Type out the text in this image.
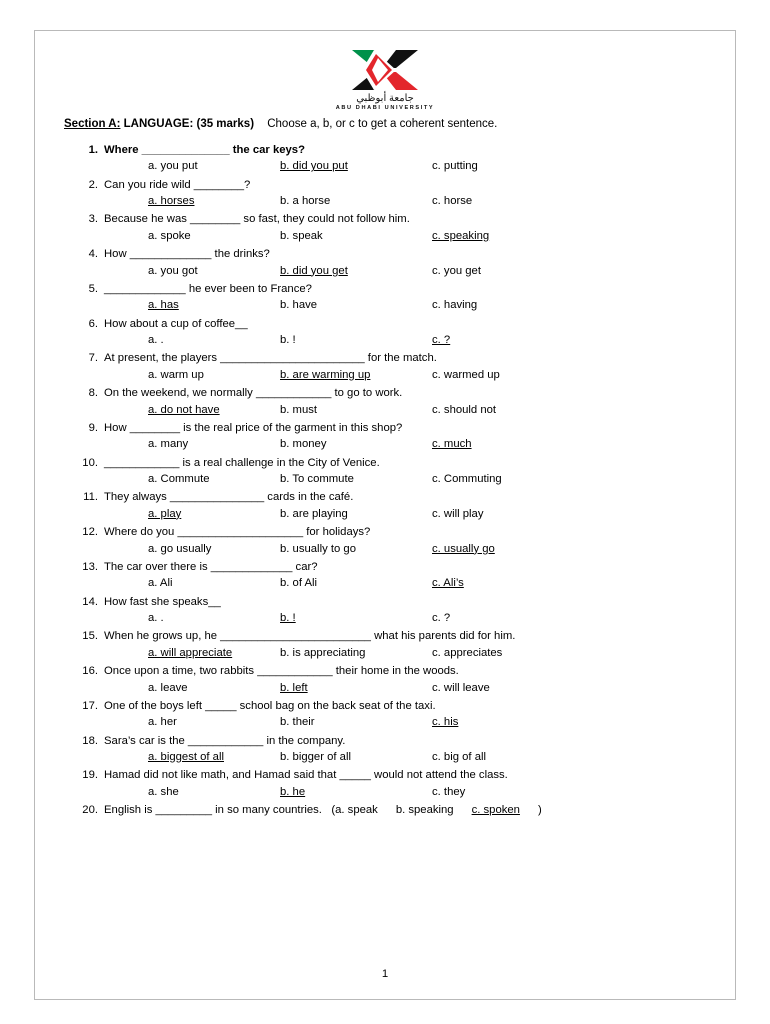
جامعة أبوظبي
ABU DHABI UNIVERSITY
Section A: LANGUAGE: (35 marks) Choose a, b, or c to get a coherent sentence.
1. Where ______________ the car keys?
a. you put	b. did you put	c. putting
2. Can you ride wild ________?
a. horses	b. a horse	c. horse
3. Because he was ________ so fast, they could not follow him.
a. spoke	b. speak	c. speaking
4. How _____________ the drinks?
a. you got	b. did you get	c. you get
5. _____________ he ever been to France?
a. has	b. have	c. having
6. How about a cup of coffee__
a. .	b. !	c. ?
7. At present, the players _______________________ for the match.
a. warm up	b. are warming up	c. warmed up
8. On the weekend, we normally ____________ to go to work.
a. do not have	b. must	c. should not
9. How ________ is the real price of the garment in this shop?
a. many	b. money	c. much
10. ____________ is a real challenge in the City of Venice.
a. Commute	b. To commute	c. Commuting
11. They always _______________ cards in the café.
a. play	b. are playing	c. will play
12. Where do you ____________________ for holidays?
a. go usually	b. usually to go	c. usually go
13. The car over there is _____________ car?
a. Ali	b. of Ali	c. Ali’s
14. How fast she speaks__
a. .	b. !	c. ?
15. When he grows up, he ________________________ what his parents did for him.
a. will appreciate	b. is appreciating	c. appreciates
16. Once upon a time, two rabbits ____________ their home in the woods.
a. leave	b. left	c. will leave
17. One of the boys left _____ school bag on the back seat of the taxi.
a. her	b. their	c. his
18. Sara’s car is the ____________ in the company.
a. biggest of all	b. bigger of all	c. big of all
19. Hamad did not like math, and Hamad said that _____ would not attend the class.
a. she	b. he	c. they
20. English is _________ in so many countries. (a. speak b. speaking c. spoken )
1
